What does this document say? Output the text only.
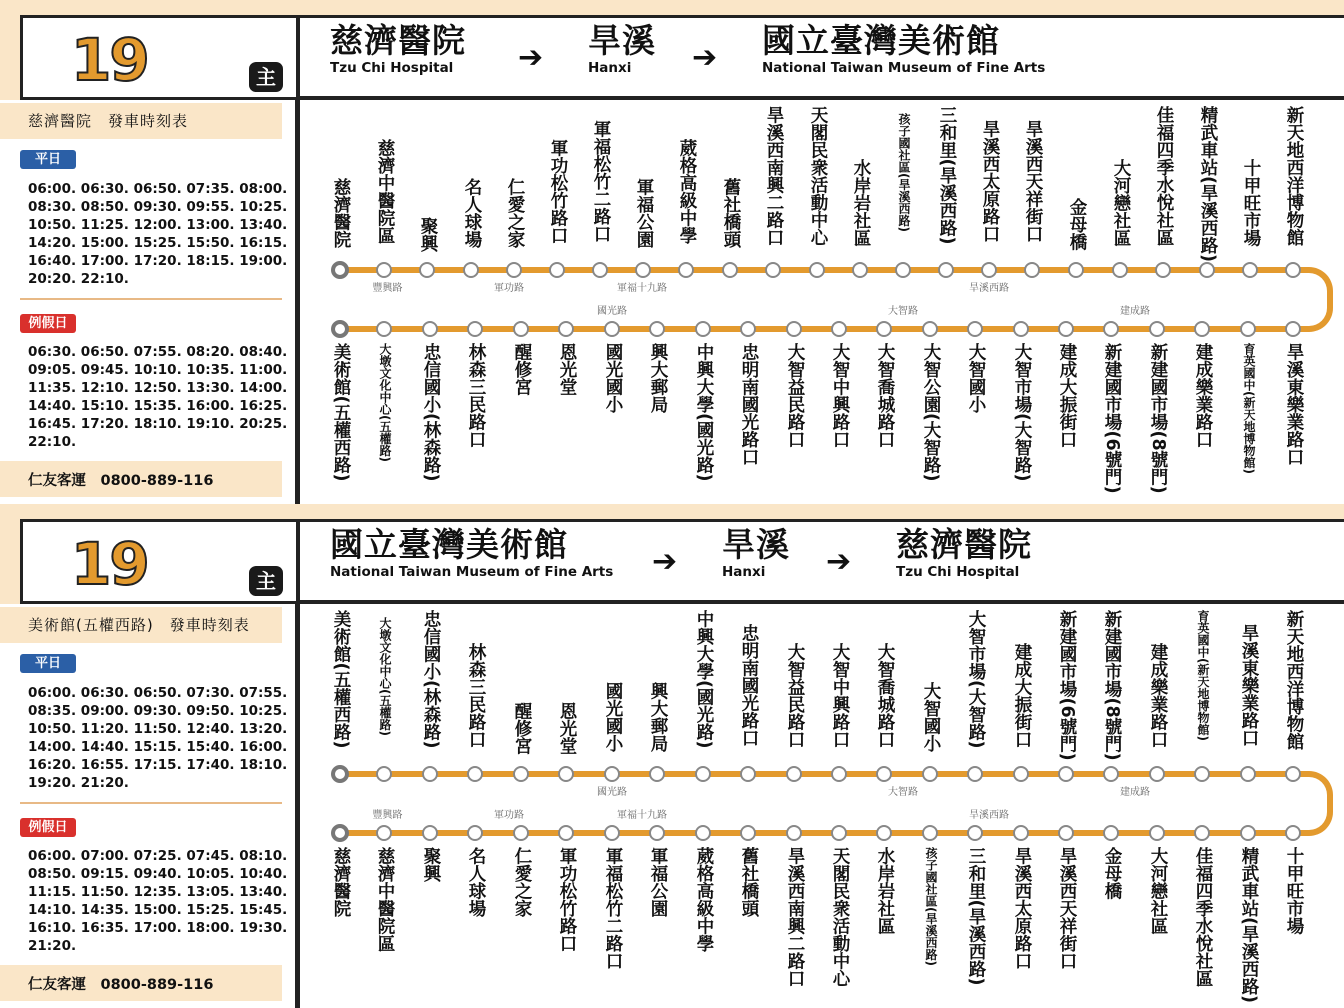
19	主
慈濟醫院　發車時刻表
平日
06:00. 06:30. 06:50. 07:35. 08:00.
08:30. 08:50. 09:30. 09:55. 10:25.
10:50. 11:25. 12:00. 13:00. 13:40.
14:20. 15:00. 15:25. 15:50. 16:15.
16:40. 17:00. 17:20. 18:15. 19:00.
20:20. 22:10.
例假日
06:30. 06:50. 07:55. 08:20. 08:40.
09:05. 09:45. 10:10. 10:35. 11:00.
11:35. 12:10. 12:50. 13:30. 14:00.
14:40. 15:10. 15:35. 16:00. 16:25.
16:45. 17:20. 18:10. 19:10. 20:25.
22:10.
仁友客運　0800-889-116
慈濟醫院
Tzu Chi Hospital	➔ 旱溪
Hanxi	➔ 國立臺灣美術館
National Taiwan Museum of Fine Arts
慈濟醫院 慈濟中醫院區 聚興 名人球場 仁愛之家 軍功松竹路口 軍福松竹二路口 軍福公園 葳格高級中學 舊社橋頭 旱溪西南興二路口 天閣民衆活動中心 水岸岩社區 孩子國社區(旱溪西路) 三和里(旱溪西路) 旱溪西太原路口 旱溪西天祥街口 金母橋 大河戀社區 佳福四季水悅社區 精武車站(旱溪西路) 十甲旺市場 新天地西洋博物館
美術館(五權西路) 大墩文化中心(五權路) 忠信國小(林森路) 林森三民路口 醒修宮 恩光堂 國光國小 興大郵局 中興大學(國光路) 忠明南國光路口 大智益民路口 大智中興路口 大智喬城路口 大智公園(大智路) 大智國小 大智市場(大智路) 建成大振街口 新建國市場(6號門) 新建國市場(8號門) 建成樂業路口 育英國中(新天地博物館) 旱溪東樂業路口
豐興路	軍功路	軍福十九路	旱溪西路
國光路	大智路	建成路
19	主
美術館(五權西路)　發車時刻表
平日
06:00. 06:30. 06:50. 07:30. 07:55.
08:35. 09:00. 09:30. 09:50. 10:25.
10:50. 11:20. 11:50. 12:40. 13:20.
14:00. 14:40. 15:15. 15:40. 16:00.
16:20. 16:55. 17:15. 17:40. 18:10.
19:20. 21:20.
例假日
06:00. 07:00. 07:25. 07:45. 08:10.
08:50. 09:15. 09:40. 10:05. 10:40.
11:15. 11:50. 12:35. 13:05. 13:40.
14:10. 14:35. 15:00. 15:25. 15:45.
16:10. 16:35. 17:00. 18:00. 19:30.
21:20.
仁友客運　0800-889-116
國立臺灣美術館
National Taiwan Museum of Fine Arts ➔ 旱溪
Hanxi	➔ 慈濟醫院
Tzu Chi Hospital
美術館(五權西路) 大墩文化中心(五權路) 忠信國小(林森路) 林森三民路口 醒修宮 恩光堂 國光國小 興大郵局 中興大學(國光路) 忠明南國光路口 大智益民路口 大智中興路口 大智喬城路口 大智國小 大智市場(大智路) 建成大振街口 新建國市場(6號門) 新建國市場(8號門) 建成樂業路口 育英國中(新天地博物館) 旱溪東樂業路口 新天地西洋博物館
慈濟醫院 慈濟中醫院區 聚興 名人球場 仁愛之家 軍功松竹路口 軍福松竹二路口 軍福公園 葳格高級中學 舊社橋頭 旱溪西南興二路口 天閣民衆活動中心 水岸岩社區 孩子國社區(旱溪西路) 三和里(旱溪西路) 旱溪西太原路口 旱溪西天祥街口 金母橋 大河戀社區 佳福四季水悅社區 精武車站(旱溪西路) 十甲旺市場
國光路	大智路	建成路
豐興路	軍功路	軍福十九路	旱溪西路
